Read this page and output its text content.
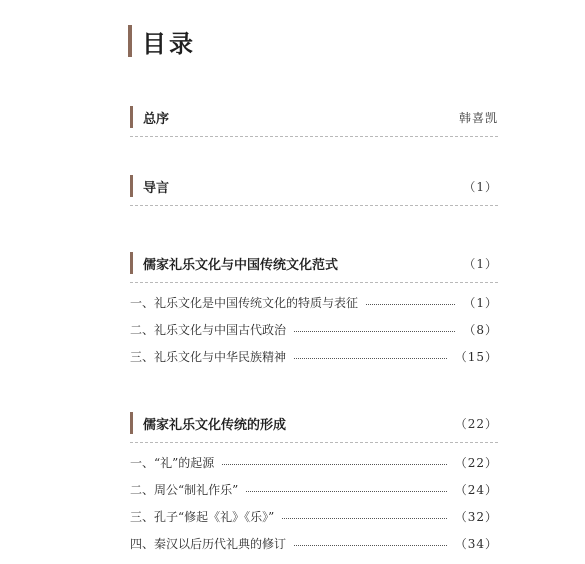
目录
总序	韩喜凯
导言	（1）
儒家礼乐文化与中国传统文化范式	（1）
一、礼乐文化是中国传统文化的特质与表征	（1）
二、礼乐文化与中国古代政治	（8）
三、礼乐文化与中华民族精神	（15）
儒家礼乐文化传统的形成	（22）
一、“礼”的起源	（22）
二、周公“制礼作乐”	（24）
三、孔子“修起《礼》《乐》”	（32）
四、秦汉以后历代礼典的修订	（34）
